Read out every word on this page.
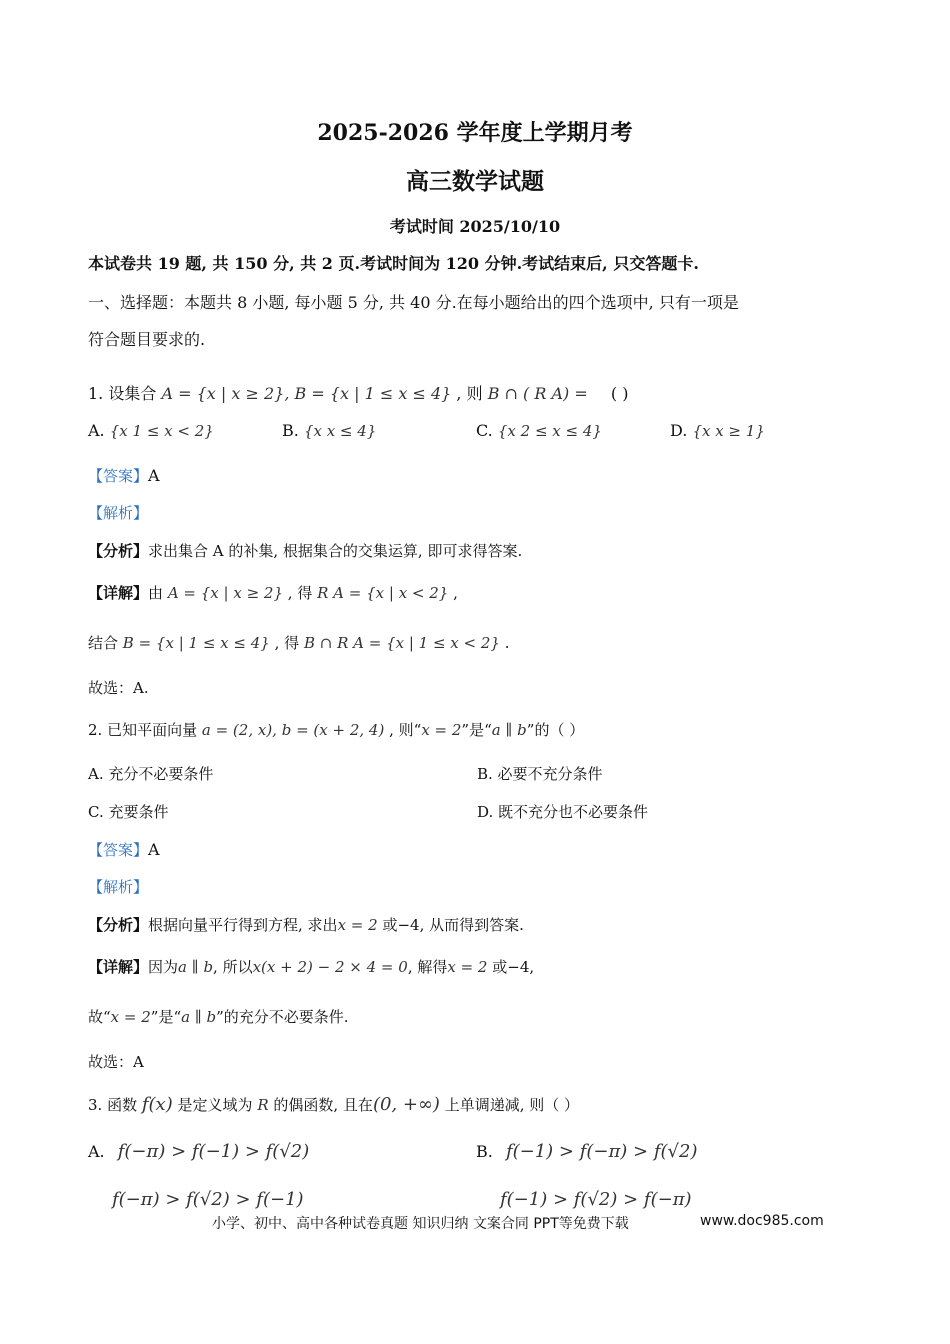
2025-2026 学年度上学期月考
高三数学试题
考试时间 2025/10/10
本试卷共 19 题, 共 150 分, 共 2 页.考试时间为 120 分钟.考试结束后, 只交答题卡.
一、选择题：本题共 8 小题, 每小题 5 分, 共 40 分.在每小题给出的四个选项中, 只有一项是
符合题目要求的.
1. 设集合 A = {x | x ≥ 2}, B = {x | 1 ≤ x ≤ 4} , 则 B ∩ ( R A) = ( )
A. {x 1 ≤ x < 2}	B. {x x ≤ 4}	C. {x 2 ≤ x ≤ 4}	D. {x x ≥ 1}
【答案】A
【解析】
【分析】求出集合 A 的补集, 根据集合的交集运算, 即可求得答案.
【详解】由 A = {x | x ≥ 2} , 得 R A = {x | x < 2} ,
结合 B = {x | 1 ≤ x ≤ 4} , 得 B ∩ R A = {x | 1 ≤ x < 2} .
故选：A.
2. 已知平面向量 a = (2, x), b = (x + 2, 4) , 则“x = 2”是“a ∥ b”的（ ）
A. 充分不必要条件	B. 必要不充分条件
C. 充要条件	D. 既不充分也不必要条件
【答案】A
【解析】
【分析】根据向量平行得到方程, 求出x = 2 或−4, 从而得到答案.
【详解】因为a ∥ b, 所以x(x + 2) − 2 × 4 = 0, 解得x = 2 或−4,
故“x = 2”是“a ∥ b”的充分不必要条件.
故选：A
3. 函数 f(x) 是定义域为 R 的偶函数, 且在(0, +∞) 上单调递减, 则（ ）
A. f(−π) > f(−1) > f(√2)	B. f(−1) > f(−π) > f(√2)
f(−π) > f(√2) > f(−1)	f(−1) > f(√2) > f(−π)
小学、初中、高中各种试卷真题 知识归纳 文案合同 PPT等免费下载	www.doc985.com
